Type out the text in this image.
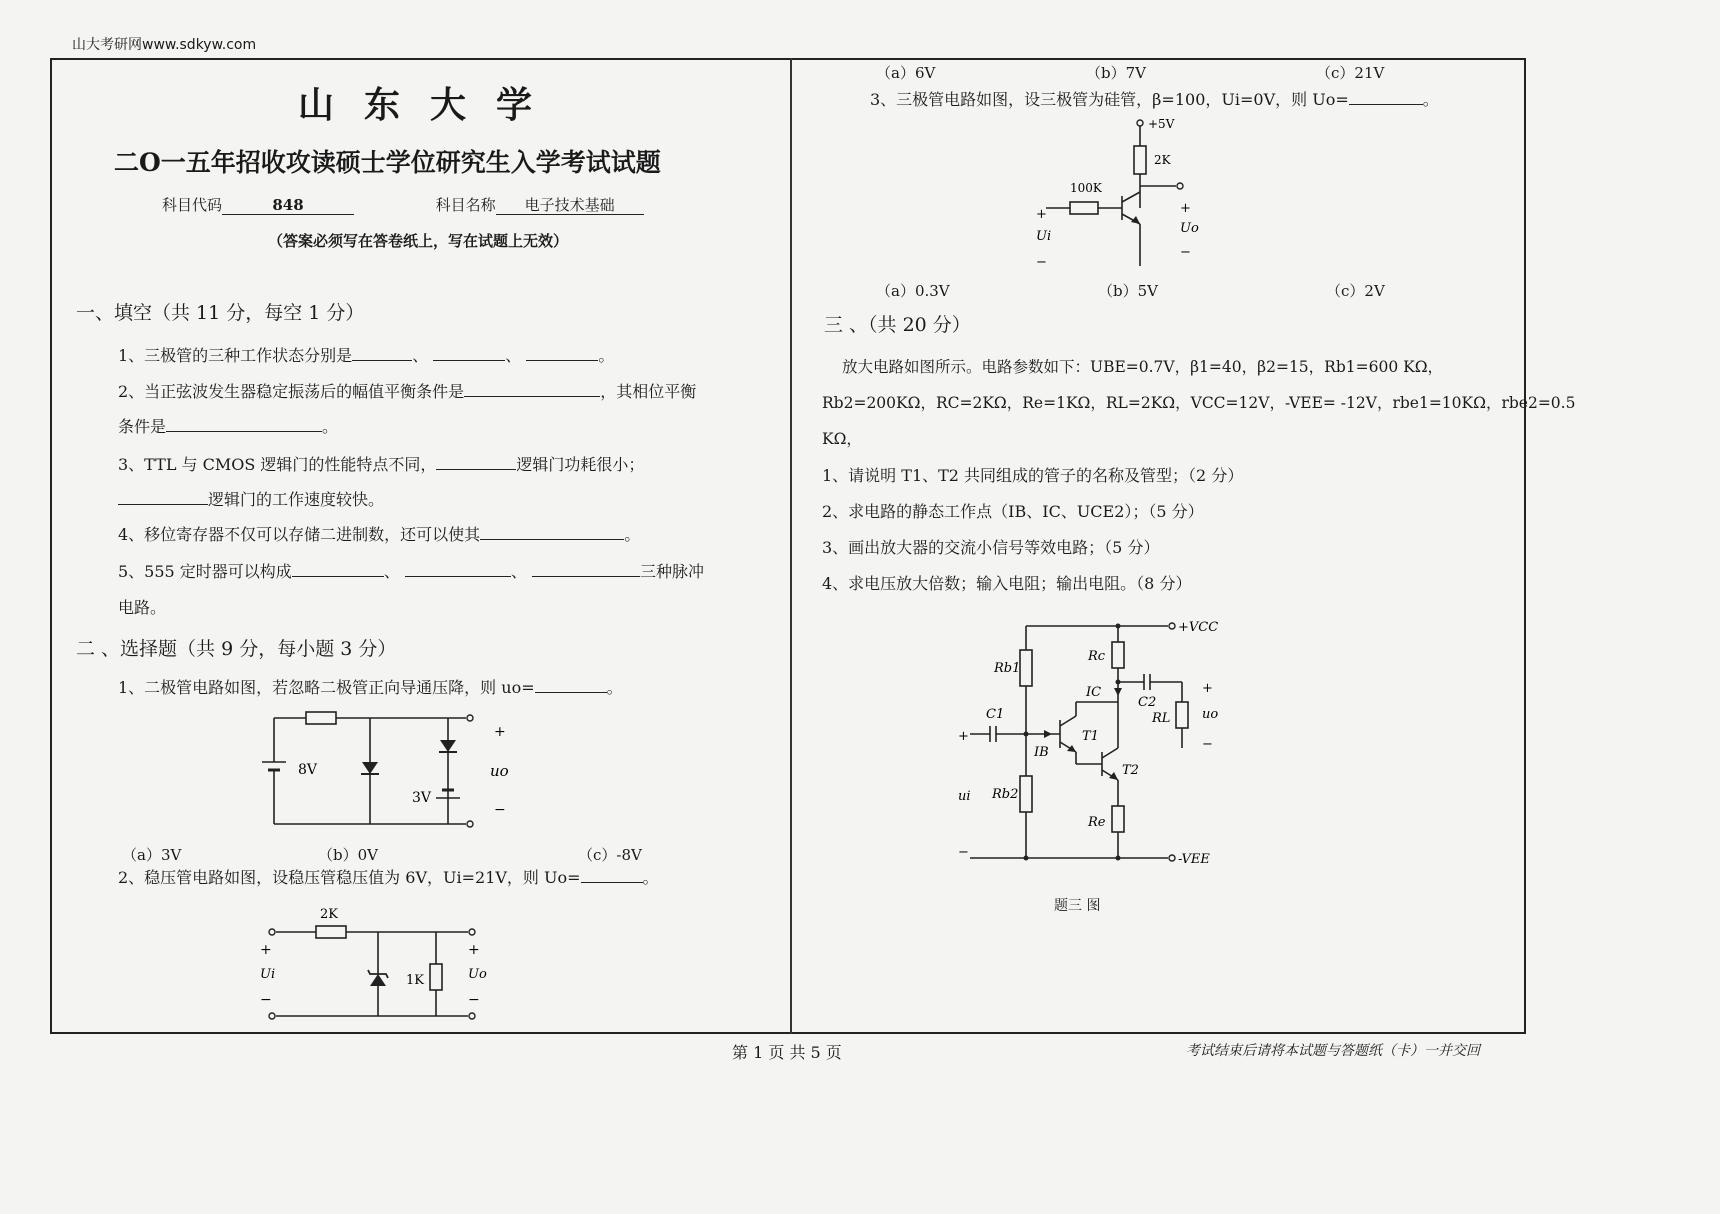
山大考研网www.sdkyw.com
山东大学
二O一五年招收攻读硕士学位研究生入学考试试题
科目代码	848	科目名称 电子技术基础
（答案必须写在答卷纸上，写在试题上无效）
一、填空（共 11 分，每空 1 分）
1、三极管的三种工作状态分别是	、	、	。
2、当正弦波发生器稳定振荡后的幅值平衡条件是	，其相位平衡
条件是	。
3、TTL 与 CMOS 逻辑门的性能特点不同，	逻辑门功耗很小；
逻辑门的工作速度较快。
4、移位寄存器不仅可以存储二进制数，还可以使其	。
5、555 定时器可以构成	、	、	三种脉冲
电路。
二 、选择题（共 9 分，每小题 3 分）
1、二极管电路如图，若忽略二极管正向导通压降，则 uo=	。
8V
3V
+
uo
−
（a）3V	（b）0V	（c）-8V
2、稳压管电路如图，设稳压管稳压值为 6V，Ui=21V，则 Uo=	。
2K
1K
+
Ui
−
+
Uo
−
（a）6V	（b）7V	（c）21V
3、三极管电路如图，设三极管为硅管，β=100，Ui=0V，则 Uo=	。
+5V
2K
100K
+
Ui
−
+
Uo
−
（a）0.3V	（b）5V	（c）2V
三 、（共 20 分）
放大电路如图所示。电路参数如下：UBE=0.7V，β1=40，β2=15，Rb1=600 KΩ，
Rb2=200KΩ，RC=2KΩ，Re=1KΩ，RL=2KΩ，VCC=12V，-VEE= -12V，rbe1=10KΩ，rbe2=0.5
KΩ，
1、请说明 T1、T2 共同组成的管子的名称及管型；（2 分）
2、求电路的静态工作点（IB、IC、UCE2）；（5 分）
3、画出放大器的交流小信号等效电路；（5 分）
4、求电压放大倍数；输入电阻；输出电阻。（8 分）
+VCC
-VEE
Rb1
Rb2
Rc
Re
RL
C1
C2
T1
T2
IB
IC
+
ui
−
+
uo
−
题三 图
第 1 页 共 5 页	考试结束后请将本试题与答题纸（卡）一并交回
